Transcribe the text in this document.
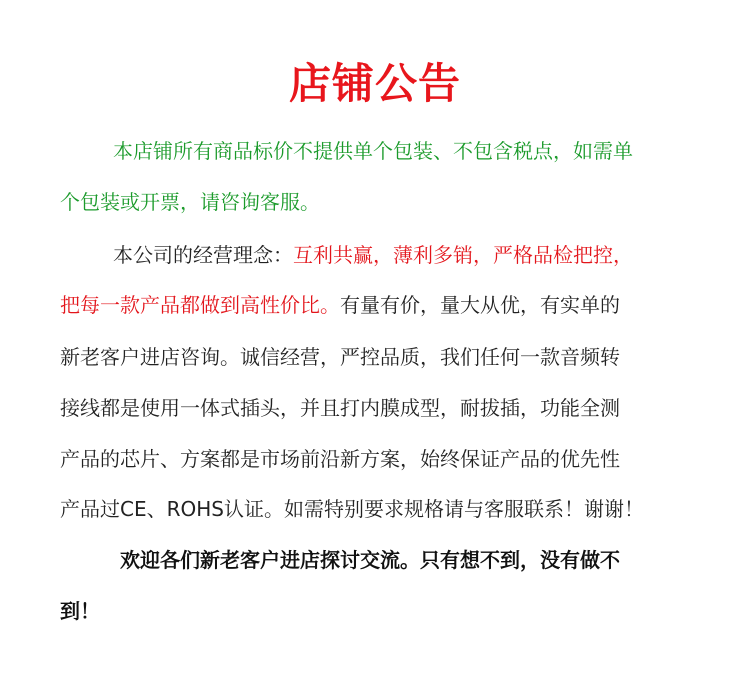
店铺公告
本店铺所有商品标价不提供单个包装、不包含税点，如需单
个包装或开票，请咨询客服。
本公司的经营理念：互利共赢，薄利多销，严格品检把控，
把每一款产品都做到高性价比。有量有价，量大从优，有实单的
新老客户进店咨询。诚信经营，严控品质，我们任何一款音频转
接线都是使用一体式插头，并且打内膜成型，耐拔插，功能全测
产品的芯片、方案都是市场前沿新方案，始终保证产品的优先性
产品过CE、ROHS认证。如需特别要求规格请与客服联系！谢谢！
欢迎各们新老客户进店探讨交流。只有想不到，没有做不
到！
